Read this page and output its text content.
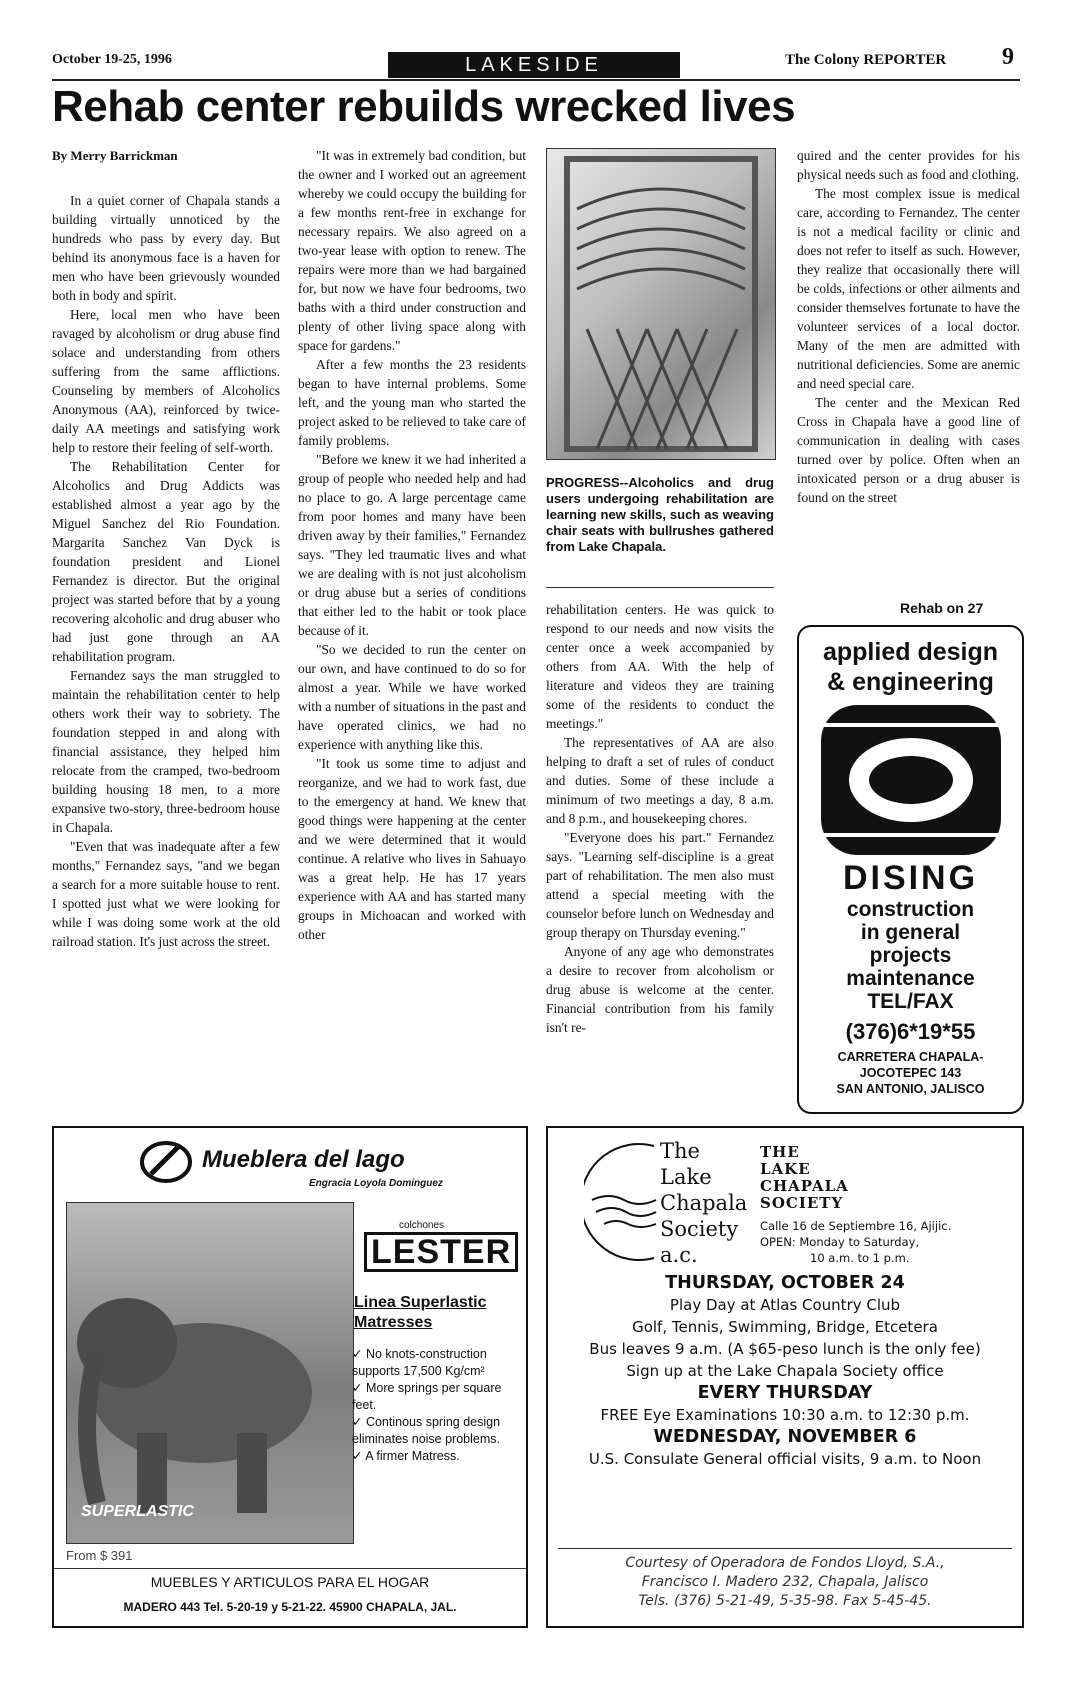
October 19-25, 1996	LAKESIDE	The Colony REPORTER 9
Rehab center rebuilds wrecked lives

By Merry Barrickman

In a quiet corner of Chapala stands a building virtually unnoticed by the hundreds who pass by every day. But behind its anonymous face is a haven for men who have been grievously wounded both in body and spirit.

Here, local men who have been ravaged by alcoholism or drug abuse find solace and understanding from others suffering from the same afflictions. Counseling by members of Alcoholics Anonymous (AA), reinforced by twice-daily AA meetings and satisfying work help to restore their feeling of self-worth.

The Rehabilitation Center for Alcoholics and Drug Addicts was established almost a year ago by the Miguel Sanchez del Rio Foundation. Margarita Sanchez Van Dyck is foundation president and Lionel Fernandez is director. But the original project was started before that by a young recovering alcoholic and drug abuser who had just gone through an AA rehabilitation program.

Fernandez says the man struggled to maintain the rehabilitation center to help others work their way to sobriety. The foundation stepped in and along with financial assistance, they helped him relocate from the cramped, two-bedroom building housing 18 men, to a more expansive two-story, three-bedroom house in Chapala.

"Even that was inadequate after a few months," Fernandez says, "and we began a search for a more suitable house to rent. I spotted just what we were looking for while I was doing some work at the old railroad station. It's just across the street.

"It was in extremely bad condition, but the owner and I worked out an agreement whereby we could occupy the building for a few months rent-free in exchange for necessary repairs. We also agreed on a two-year lease with option to renew. The repairs were more than we had bargained for, but now we have four bedrooms, two baths with a third under construction and plenty of other living space along with space for gardens."

After a few months the 23 residents began to have internal problems. Some left, and the young man who started the project asked to be relieved to take care of family problems.

"Before we knew it we had inherited a group of people who needed help and had no place to go. A large percentage came from poor homes and many have been driven away by their families," Fernandez says. "They led traumatic lives and what we are dealing with is not just alcoholism or drug abuse but a series of conditions that either led to the habit or took place because of it.

"So we decided to run the center on our own, and have continued to do so for almost a year. While we have worked with a number of situations in the past and have operated clinics, we had no experience with anything like this.

"It took us some time to adjust and reorganize, and we had to work fast, due to the emergency at hand. We knew that good things were happening at the center and we were determined that it would continue. A relative who lives in Sahuayo was a great help. He has 17 years experience with AA and has started many groups in Michoacan and worked with other

PROGRESS--Alcoholics and drug users undergoing rehabilitation are learning new skills, such as weaving chair seats with bullrushes gathered from Lake Chapala.

rehabilitation centers. He was quick to respond to our needs and now visits the center once a week accompanied by others from AA. With the help of literature and videos they are training some of the residents to conduct the meetings."

The representatives of AA are also helping to draft a set of rules of conduct and duties. Some of these include a minimum of two meetings a day, 8 a.m. and 8 p.m., and housekeeping chores.

"Everyone does his part." Fernandez says. "Learning self-discipline is a great part of rehabilitation. The men also must attend a special meeting with the counselor before lunch on Wednesday and group therapy on Thursday evening."

Anyone of any age who demonstrates a desire to recover from alcoholism or drug abuse is welcome at the center. Financial contribution from his family isn't re-

quired and the center provides for his physical needs such as food and clothing.

The most complex issue is medical care, according to Fernandez. The center is not a medical facility or clinic and does not refer to itself as such. However, they realize that occasionally there will be colds, infections or other ailments and consider themselves fortunate to have the volunteer services of a local doctor. Many of the men are admitted with nutritional deficiencies. Some are anemic and need special care.

The center and the Mexican Red Cross in Chapala have a good line of communication in dealing with cases turned over by police. Often when an intoxicated person or a drug abuser is found on the street

Rehab on 27
applied design
& engineering
DISING
construction
in general
projects
maintenance
TEL/FAX
(376)6*19*55
CARRETERA CHAPALA-
JOCOTEPEC 143
SAN ANTONIO, JALISCO
Mueblera del lago
Engracia Loyola Dominguez
SUPERLASTIC
From $ 391
colchones
LESTER
Linea Superlastic Matresses
✓ No knots-construction supports 17,500 Kg/cm²
✓ More springs per square feet.
✓ Continous spring design eliminates noise problems.
✓ A firmer Matress.
MUEBLES Y ARTICULOS PARA EL HOGAR
MADERO 443 Tel. 5-20-19 y 5-21-22. 45900 CHAPALA, JAL.
The
Lake
Chapala
Society
a.c.
THE
LAKE
CHAPALA
SOCIETY
Calle 16 de Septiembre 16, Ajijic.
OPEN: Monday to Saturday,
10 a.m. to 1 p.m.
THURSDAY, OCTOBER 24
Play Day at Atlas Country Club
Golf, Tennis, Swimming, Bridge, Etcetera
Bus leaves 9 a.m. (A $65-peso lunch is the only fee)
Sign up at the Lake Chapala Society office
EVERY THURSDAY
FREE Eye Examinations 10:30 a.m. to 12:30 p.m.
WEDNESDAY, NOVEMBER 6
U.S. Consulate General official visits, 9 a.m. to Noon
Courtesy of Operadora de Fondos Lloyd, S.A.,
Francisco I. Madero 232, Chapala, Jalisco
Tels. (376) 5-21-49, 5-35-98. Fax 5-45-45.
